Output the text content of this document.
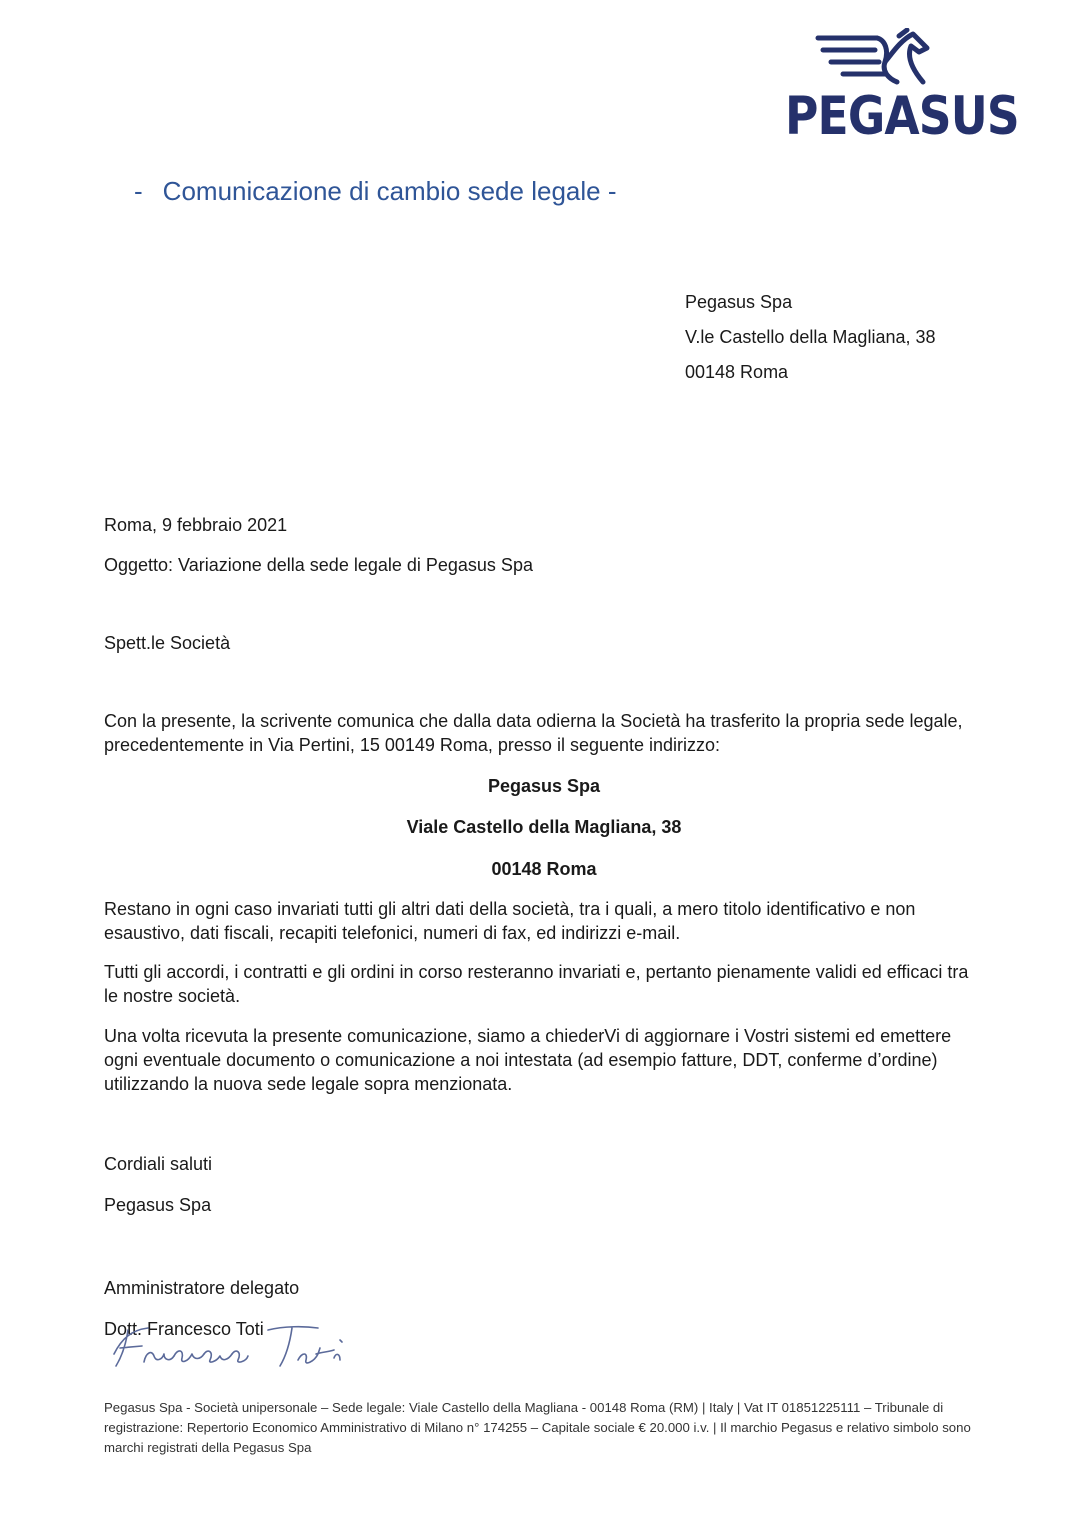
PEGASUS
- Comunicazione di cambio sede legale -
Pegasus Spa
V.le Castello della Magliana, 38
00148 Roma
Roma, 9 febbraio 2021
Oggetto: Variazione della sede legale di Pegasus Spa
Spett.le Società
Con la presente, la scrivente comunica che dalla data odierna la Società ha trasferito la propria sede legale, precedentemente in Via Pertini, 15 00149 Roma, presso il seguente indirizzo:
Pegasus Spa
Viale Castello della Magliana, 38
00148 Roma
Restano in ogni caso invariati tutti gli altri dati della società, tra i quali, a mero titolo identificativo e non esaustivo, dati fiscali, recapiti telefonici, numeri di fax, ed indirizzi e-mail.
Tutti gli accordi, i contratti e gli ordini in corso resteranno invariati e, pertanto pienamente validi ed efficaci tra le nostre società.
Una volta ricevuta la presente comunicazione, siamo a chiederVi di aggiornare i Vostri sistemi ed emettere ogni eventuale documento o comunicazione a noi intestata (ad esempio fatture, DDT, conferme d’ordine) utilizzando la nuova sede legale sopra menzionata.
Cordiali saluti
Pegasus Spa
Amministratore delegato
Dott. Francesco Toti
Pegasus Spa - Società unipersonale – Sede legale: Viale Castello della Magliana - 00148 Roma (RM) | Italy | Vat IT 01851225111 – Tribunale di registrazione: Repertorio Economico Amministrativo di Milano n° 174255 – Capitale sociale € 20.000 i.v. | Il marchio Pegasus e relativo simbolo sono marchi registrati della Pegasus Spa
